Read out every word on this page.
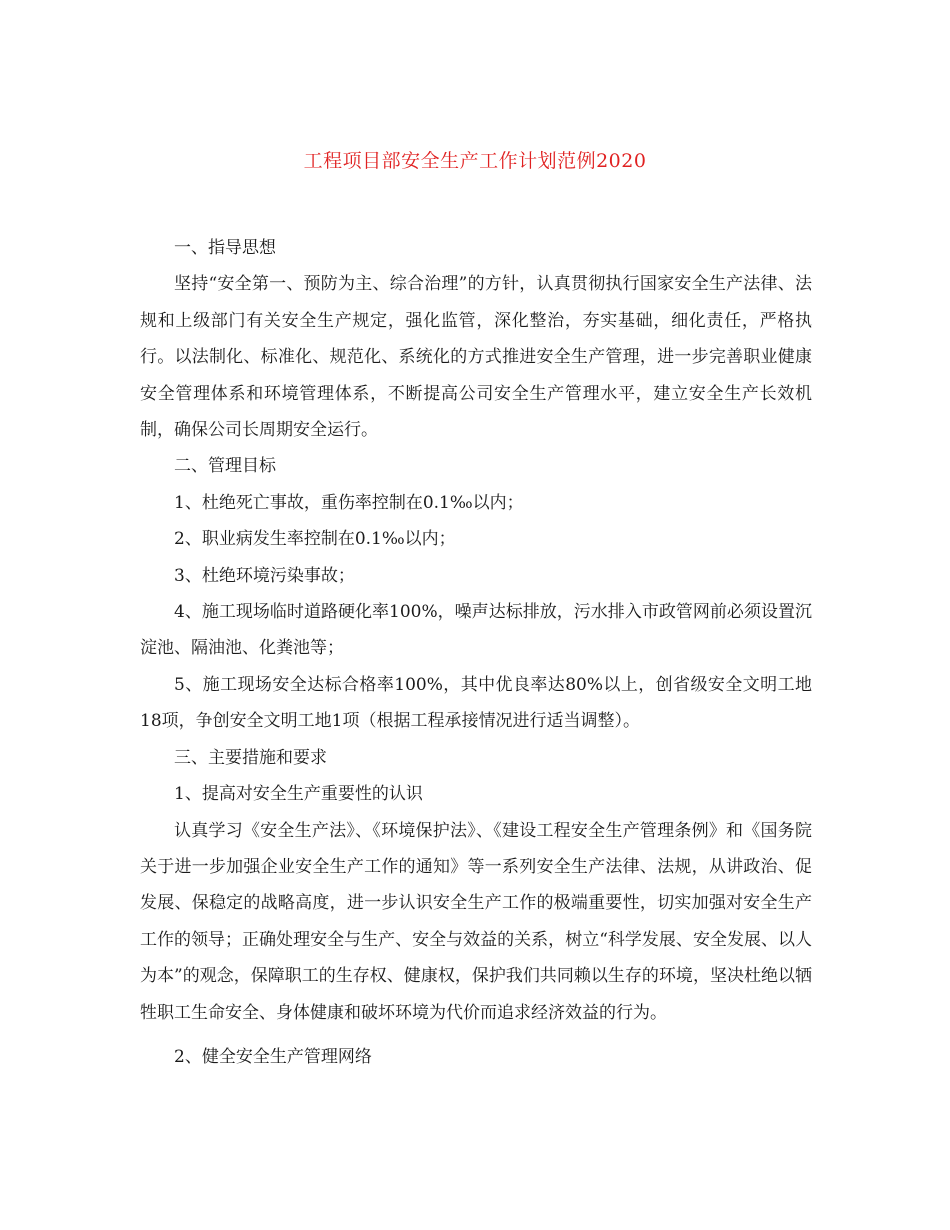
工程项目部安全生产工作计划范例2020

一、指导思想

坚持“安全第一、预防为主、综合治理”的方针，认真贯彻执行国家安全生产法律、法规和上级部门有关安全生产规定，强化监管，深化整治，夯实基础，细化责任，严格执行。以法制化、标准化、规范化、系统化的方式推进安全生产管理，进一步完善职业健康安全管理体系和环境管理体系，不断提高公司安全生产管理水平，建立安全生产长效机制，确保公司长周期安全运行。

二、管理目标

1、杜绝死亡事故，重伤率控制在0.1‰以内；

2、职业病发生率控制在0.1‰以内；

3、杜绝环境污染事故；

4、施工现场临时道路硬化率100%，噪声达标排放，污水排入市政管网前必须设置沉淀池、隔油池、化粪池等；

5、施工现场安全达标合格率100%，其中优良率达80%以上，创省级安全文明工地18项，争创安全文明工地1项（根据工程承接情况进行适当调整）。

三、主要措施和要求

1、提高对安全生产重要性的认识

认真学习《安全生产法》、《环境保护法》、《建设工程安全生产管理条例》和《国务院关于进一步加强企业安全生产工作的通知》等一系列安全生产法律、法规，从讲政治、促发展、保稳定的战略高度，进一步认识安全生产工作的极端重要性，切实加强对安全生产工作的领导；正确处理安全与生产、安全与效益的关系，树立“科学发展、安全发展、以人为本”的观念，保障职工的生存权、健康权，保护我们共同赖以生存的环境，坚决杜绝以牺牲职工生命安全、身体健康和破坏环境为代价而追求经济效益的行为。

2、健全安全生产管理网络
